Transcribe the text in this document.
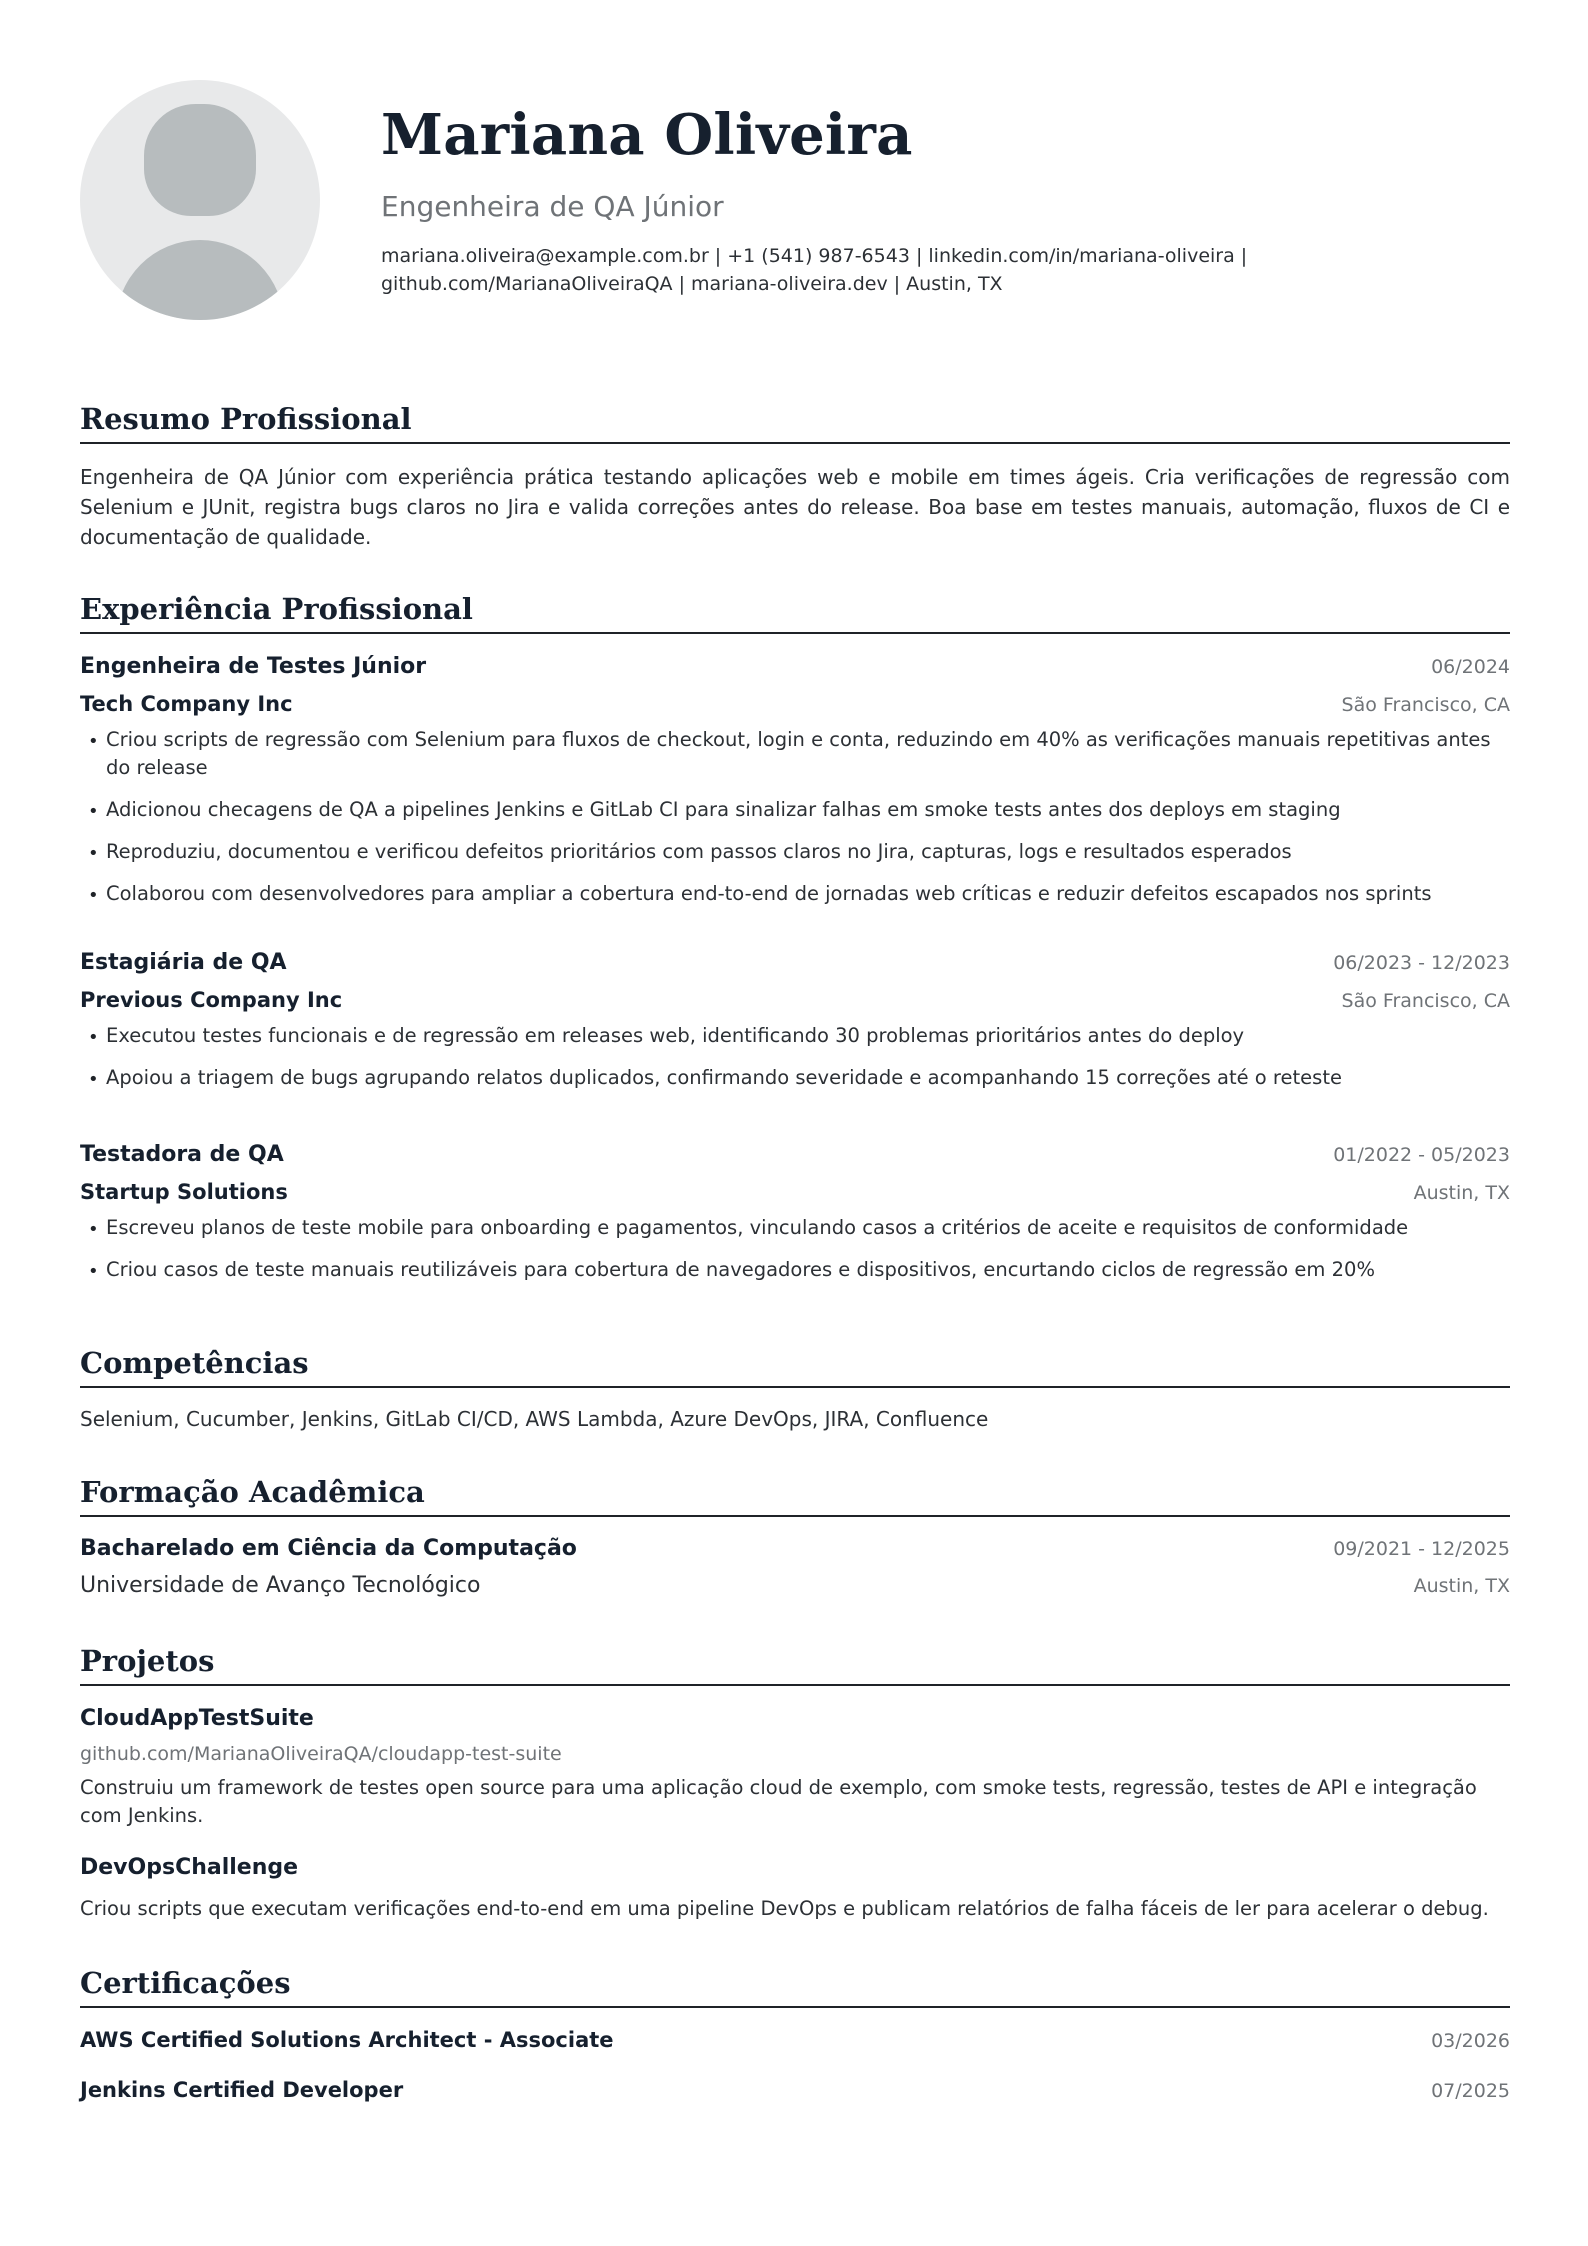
Mariana Oliveira
Engenheira de QA Júnior
mariana.oliveira@example.com.br | +1 (541) 987-6543 | linkedin.com/in/mariana-oliveira |
github.com/MarianaOliveiraQA | mariana-oliveira.dev | Austin, TX
Resumo Profissional

Engenheira de QA Júnior com experiência prática testando aplicações web e mobile em times ágeis. Cria verificações de regressão com Selenium e JUnit, registra bugs claros no Jira e valida correções antes do release. Boa base em testes manuais, automação, fluxos de CI e documentação de qualidade.

Experiência Profissional
Engenheira de Testes Júnior	06/2024
Tech Company Inc	São Francisco, CA
• Criou scripts de regressão com Selenium para fluxos de checkout, login e conta, reduzindo em 40% as verificações manuais repetitivas antes do release
• Adicionou checagens de QA a pipelines Jenkins e GitLab CI para sinalizar falhas em smoke tests antes dos deploys em staging
• Reproduziu, documentou e verificou defeitos prioritários com passos claros no Jira, capturas, logs e resultados esperados
• Colaborou com desenvolvedores para ampliar a cobertura end-to-end de jornadas web críticas e reduzir defeitos escapados nos sprints
Estagiária de QA	06/2023 - 12/2023
Previous Company Inc	São Francisco, CA
• Executou testes funcionais e de regressão em releases web, identificando 30 problemas prioritários antes do deploy
• Apoiou a triagem de bugs agrupando relatos duplicados, confirmando severidade e acompanhando 15 correções até o reteste
Testadora de QA	01/2022 - 05/2023
Startup Solutions	Austin, TX
• Escreveu planos de teste mobile para onboarding e pagamentos, vinculando casos a critérios de aceite e requisitos de conformidade
• Criou casos de teste manuais reutilizáveis para cobertura de navegadores e dispositivos, encurtando ciclos de regressão em 20%
Competências

Selenium, Cucumber, Jenkins, GitLab CI/CD, AWS Lambda, Azure DevOps, JIRA, Confluence

Formação Acadêmica
Bacharelado em Ciência da Computação	09/2021 - 12/2025
Universidade de Avanço Tecnológico	Austin, TX
Projetos
CloudAppTestSuite
github.com/MarianaOliveiraQA/cloudapp-test-suite

Construiu um framework de testes open source para uma aplicação cloud de exemplo, com smoke tests, regressão, testes de API e integração com Jenkins.

DevOpsChallenge

Criou scripts que executam verificações end-to-end em uma pipeline DevOps e publicam relatórios de falha fáceis de ler para acelerar o debug.

Certificações
AWS Certified Solutions Architect - Associate	03/2026
Jenkins Certified Developer	07/2025
